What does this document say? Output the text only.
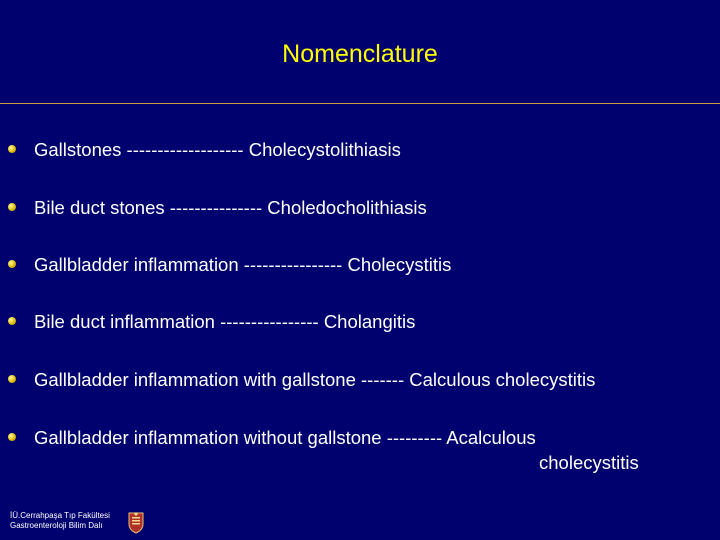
Nomenclature
Gallstones ------------------- Cholecystolithiasis
Bile duct stones --------------- Choledocholithiasis
Gallbladder inflammation ---------------- Cholecystitis
Bile duct inflammation ---------------- Cholangitis
Gallbladder inflammation with gallstone ------- Calculous cholecystitis
Gallbladder inflammation without gallstone --------- Acalculous
cholecystitis
İÜ.Cerrahpaşa Tıp Fakültesi
Gastroenteroloji Bilim Dalı
